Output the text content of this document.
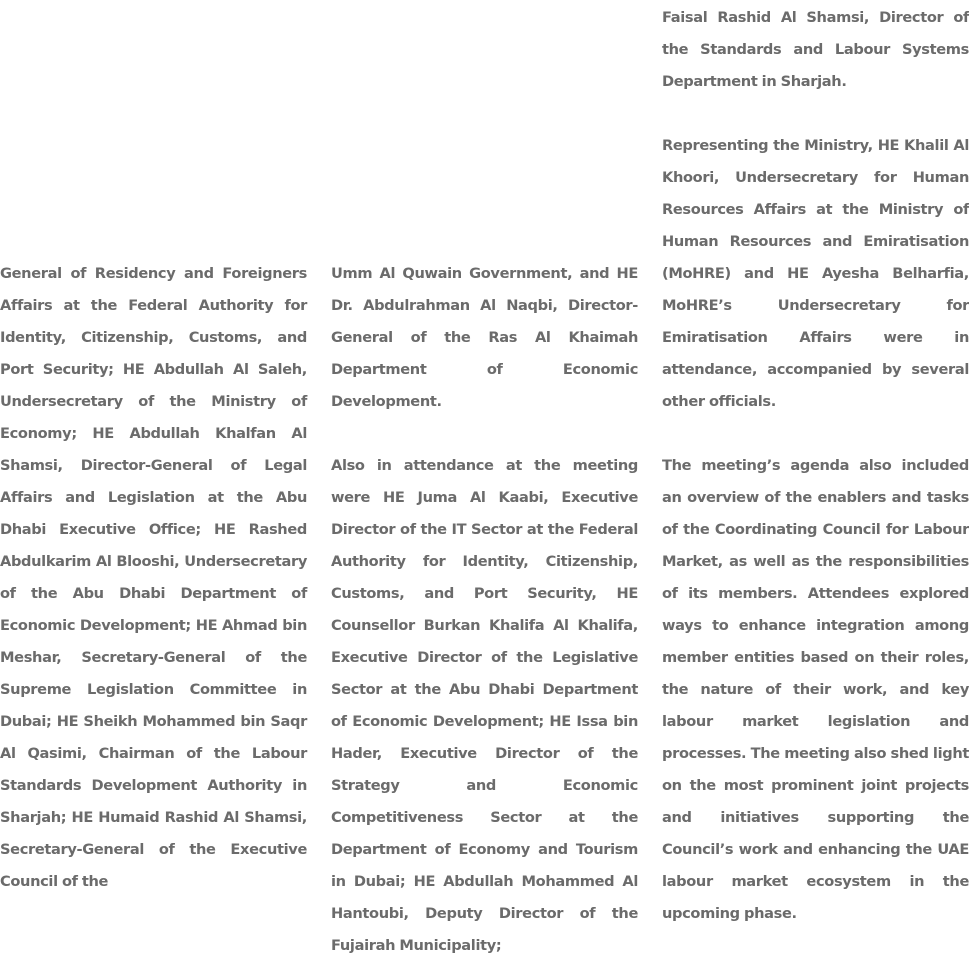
General of Residency and Foreigners Affairs at the Federal Authority for Identity, Citizenship, Customs, and Port Security; HE Abdullah Al Saleh, Undersecretary of the Ministry of Economy; HE Abdullah Khalfan Al Shamsi, Director-General of Legal Affairs and Legislation at the Abu Dhabi Executive Office; HE Rashed Abdulkarim Al Blooshi, Undersecretary of the Abu Dhabi Department of Economic Development; HE Ahmad bin Meshar, Secretary-General of the Supreme Legislation Committee in Dubai; HE Sheikh Mohammed bin Saqr Al Qasimi, Chairman of the Labour Standards Development Authority in Sharjah; HE Humaid Rashid Al Shamsi, Secretary-General of the Executive Council of the

Umm Al Quwain Government, and HE Dr. Abdulrahman Al Naqbi, Director-General of the Ras Al Khaimah Department of Economic Development.

Also in attendance at the meeting were HE Juma Al Kaabi, Executive Director of the IT Sector at the Federal Authority for Identity, Citizenship, Customs, and Port Security, HE Counsellor Burkan Khalifa Al Khalifa, Executive Director of the Legislative Sector at the Abu Dhabi Department of Economic Development; HE Issa bin Hader, Executive Director of the Strategy and Economic Competitiveness Sector at the Department of Economy and Tourism in Dubai; HE Abdullah Mohammed Al Hantoubi, Deputy Director of the Fujairah Municipality;

Faisal Rashid Al Shamsi, Director of the Standards and Labour Systems Department in Sharjah.

Representing the Ministry, HE Khalil Al Khoori, Undersecretary for Human Resources Affairs at the Ministry of Human Resources and Emiratisation (MoHRE) and HE Ayesha Belharfia, MoHRE’s Undersecretary for Emiratisation Affairs were in attendance, accompanied by several other officials.

The meeting’s agenda also included an overview of the enablers and tasks of the Coordinating Council for Labour Market, as well as the responsibilities of its members. Attendees explored ways to enhance integration among member entities based on their roles, the nature of their work, and key labour market legislation and processes. The meeting also shed light on the most prominent joint projects and initiatives supporting the Council’s work and enhancing the UAE labour market ecosystem in the upcoming phase.
